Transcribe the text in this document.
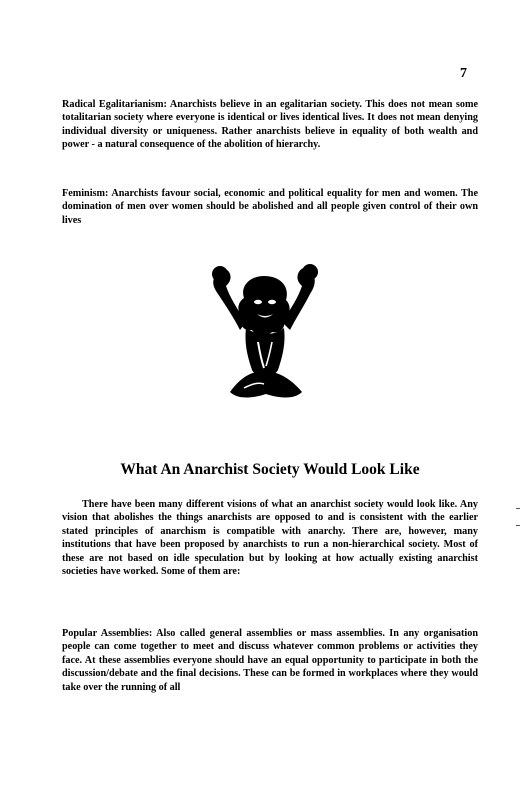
7

Radical Egalitarianism: Anarchists believe in an egalitarian society. This does not mean some totalitarian society where everyone is identical or lives identical lives. It does not mean denying individual diversity or uniqueness. Rather anarchists believe in equality of both wealth and power - a natural consequence of the abolition of hierarchy.

Feminism: Anarchists favour social, economic and political equality for men and women. The domination of men over women should be abolished and all people given control of their own lives

What An Anarchist Society Would Look Like

There have been many different visions of what an anarchist society would look like. Any vision that abolishes the things anarchists are opposed to and is consistent with the earlier stated principles of anarchism is compatible with anarchy. There are, however, many institutions that have been proposed by anarchists to run a non-hierarchical society. Most of these are not based on idle speculation but by looking at how actually existing anarchist societies have worked. Some of them are:

Popular Assemblies: Also called general assemblies or mass assemblies. In any organisation people can come together to meet and discuss whatever common problems or activities they face. At these assemblies everyone should have an equal opportunity to participate in both the discussion/debate and the final decisions. These can be formed in workplaces where they would take over the running of all
